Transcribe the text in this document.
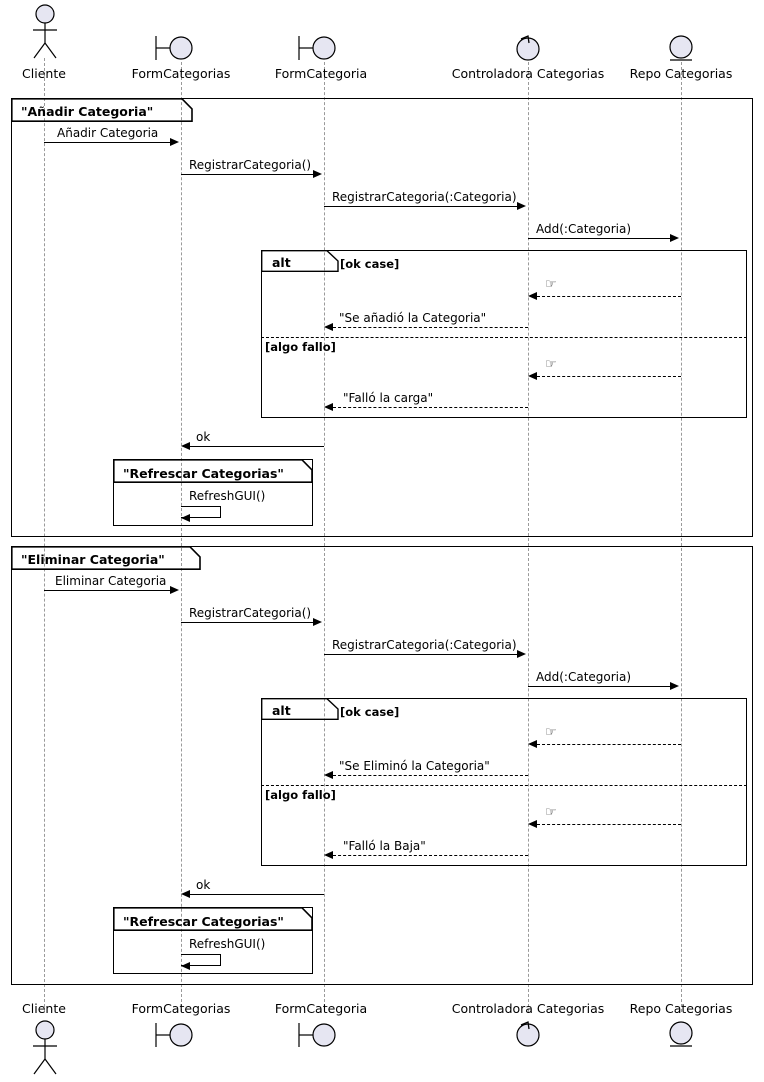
Cliente	FormCategorias	FormCategoria	Controladora Categorias	Repo Categorias
"Añadir Categoria"
Añadir Categoria
RegistrarCategoria()
RegistrarCategoria(:Categoria)
Add(:Categoria)
alt	[ok case]
☞
"Se añadió la Categoria"
[algo fallo]
☞
"Falló la carga"
ok
"Refrescar Categorias"
RefreshGUI()
"Eliminar Categoria"
Eliminar Categoria
RegistrarCategoria()
RegistrarCategoria(:Categoria)
Add(:Categoria)
alt	[ok case]
☞
"Se Eliminó la Categoria"
[algo fallo]
☞
"Falló la Baja"
ok
"Refrescar Categorias"
RefreshGUI()
Cliente	FormCategorias	FormCategoria	Controladora Categorias	Repo Categorias
